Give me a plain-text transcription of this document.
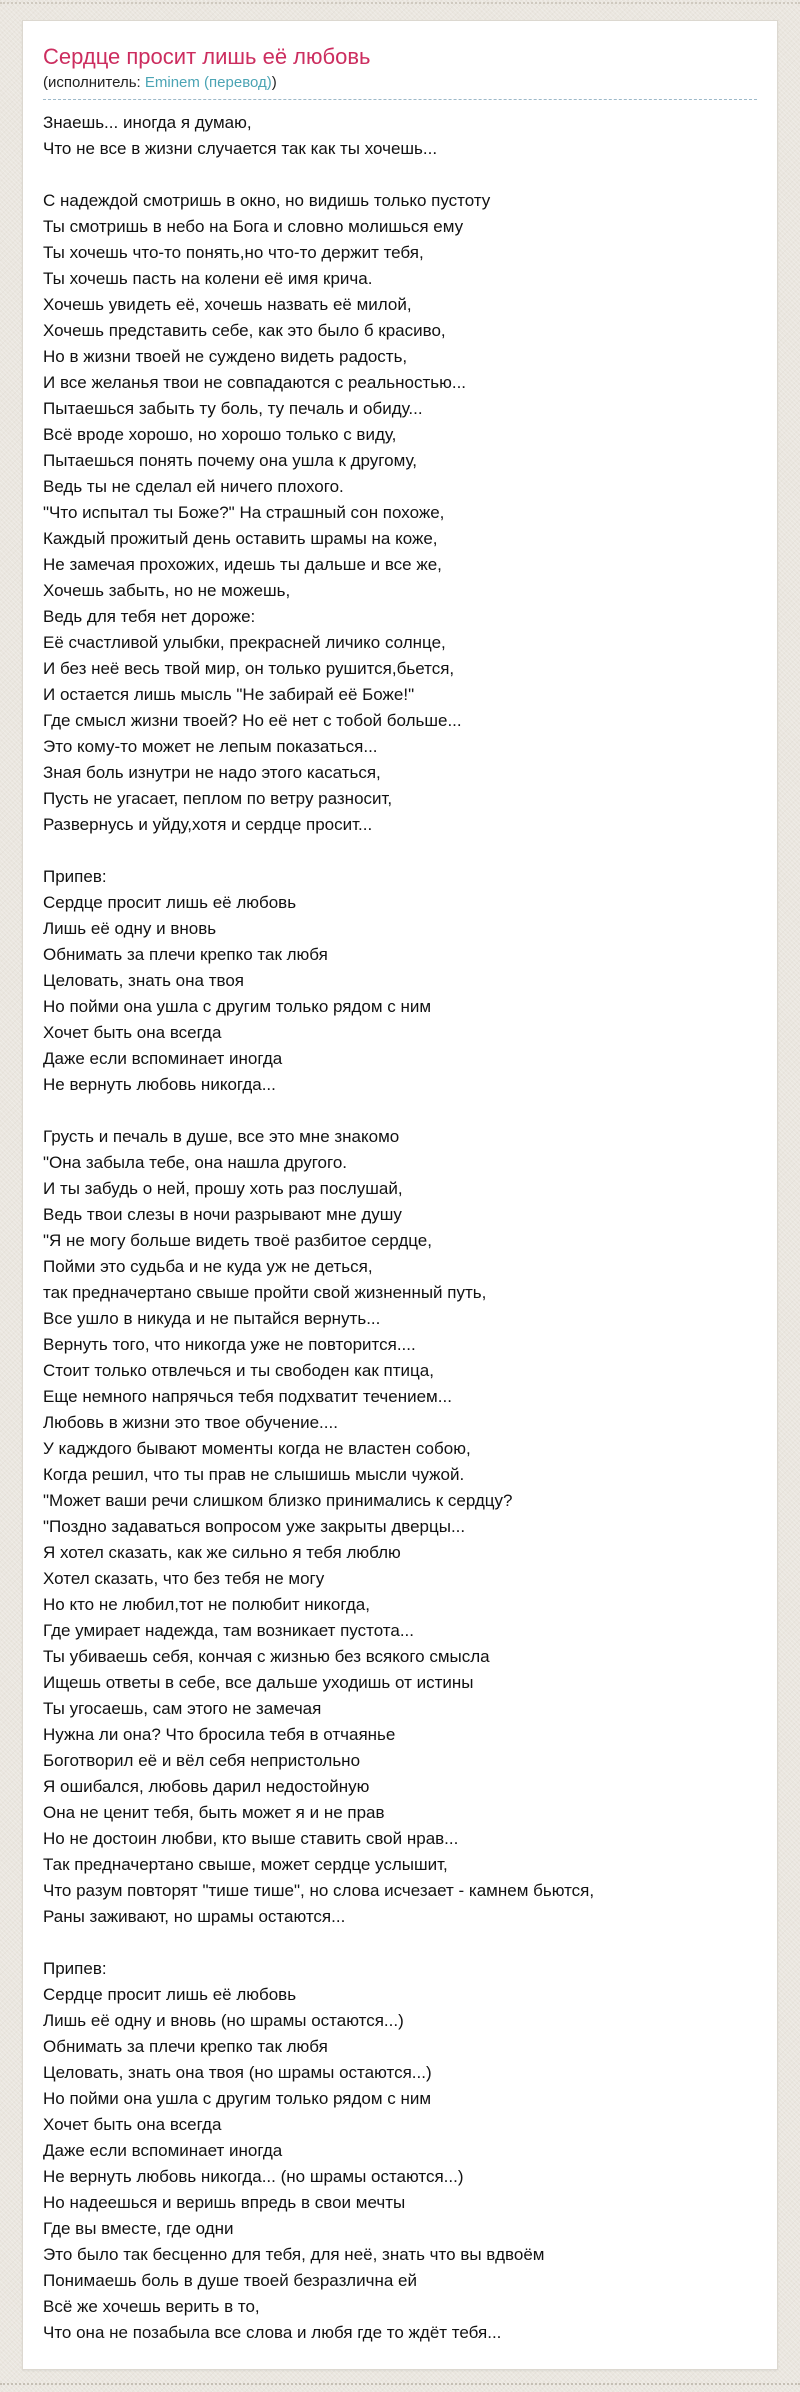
Сердце просит лишь её любовь

(исполнитель: Eminem (перевод))

Знаешь... иногда я думаю,
Что не все в жизни случается так как ты хочешь...

С надеждой смотришь в окно, но видишь только пустоту
Ты смотришь в небо на Бога и словно молишься ему
Ты хочешь что-то понять,но что-то держит тебя,
Ты хочешь пасть на колени её имя крича.
Хочешь увидеть её, хочешь назвать её милой,
Хочешь представить себе, как это было б красиво,
Но в жизни твоей не суждено видеть радость,
И все желанья твои не совпадаются с реальностью...
Пытаешься забыть ту боль, ту печаль и обиду...
Всё вроде хорошо, но хорошо только с виду,
Пытаешься понять почему она ушла к другому,
Ведь ты не сделал ей ничего плохого.
"Что испытал ты Боже?" На страшный сон похоже,
Каждый прожитый день оставить шрамы на коже,
Не замечая прохожих, идешь ты дальше и все же,
Хочешь забыть, но не можешь,
Ведь для тебя нет дороже:
Её счастливой улыбки, прекрасней личико солнце,
И без неё весь твой мир, он только рушится,бьется,
И остается лишь мысль "Не забирай её Боже!"
Где смысл жизни твоей? Но её нет с тобой больше...
Это кому-то может не лепым показаться...
Зная боль изнутри не надо этого касаться,
Пусть не угасает, пеплом по ветру разносит,
Развернусь и уйду,хотя и сердце просит...

Припев:
Сердце просит лишь её любовь
Лишь её одну и вновь
Обнимать за плечи крепко так любя
Целовать, знать она твоя
Но пойми она ушла с другим только рядом с ним
Хочет быть она всегда
Даже если вспоминает иногда
Не вернуть любовь никогда...

Грусть и печаль в душе, все это мне знакомо
"Она забыла тебе, она нашла другого.
И ты забудь о ней, прошу хоть раз послушай,
Ведь твои слезы в ночи разрывают мне душу
"Я не могу больше видеть твоё разбитое сердце,
Пойми это судьба и не куда уж не деться,
так предначертано свыше пройти свой жизненный путь,
Все ушло в никуда и не пытайся вернуть...
Вернуть того, что никогда уже не повторится....
Стоит только отвлечься и ты свободен как птица,
Еще немного напрячься тебя подхватит течением...
Любовь в жизни это твое обучение....
У кадждого бывают моменты когда не властен собою,
Когда решил, что ты прав не слышишь мысли чужой.
"Может ваши речи слишком близко принимались к сердцу?
"Поздно задаваться вопросом уже закрыты дверцы...
Я хотел сказать, как же сильно я тебя люблю
Хотел сказать, что без тебя не могу
Но кто не любил,тот не полюбит никогда,
Где умирает надежда, там возникает пустота...
Ты убиваешь себя, кончая с жизнью без всякого смысла
Ищешь ответы в себе, все дальше уходишь от истины
Ты угосаешь, сам этого не замечая
Нужна ли она? Что бросила тебя в отчаянье
Боготворил её и вёл себя непристольно
Я ошибался, любовь дарил недостойную
Она не ценит тебя, быть может я и не прав
Но не достоин любви, кто выше ставить свой нрав...
Так предначертано свыше, может сердце услышит,
Что разум повторят "тише тише", но слова исчезает - камнем бьются,
Раны заживают, но шрамы остаются...

Припев:
Сердце просит лишь её любовь
Лишь её одну и вновь (но шрамы остаются...)
Обнимать за плечи крепко так любя
Целовать, знать она твоя (но шрамы остаются...)
Но пойми она ушла с другим только рядом с ним
Хочет быть она всегда
Даже если вспоминает иногда
Не вернуть любовь никогда... (но шрамы остаются...)
Но надеешься и веришь впредь в свои мечты
Где вы вместе, где одни
Это было так бесценно для тебя, для неё, знать что вы вдвоём
Понимаешь боль в душе твоей безразлична ей
Всё же хочешь верить в то,
Что она не позабыла все слова и любя где то ждёт тебя...
